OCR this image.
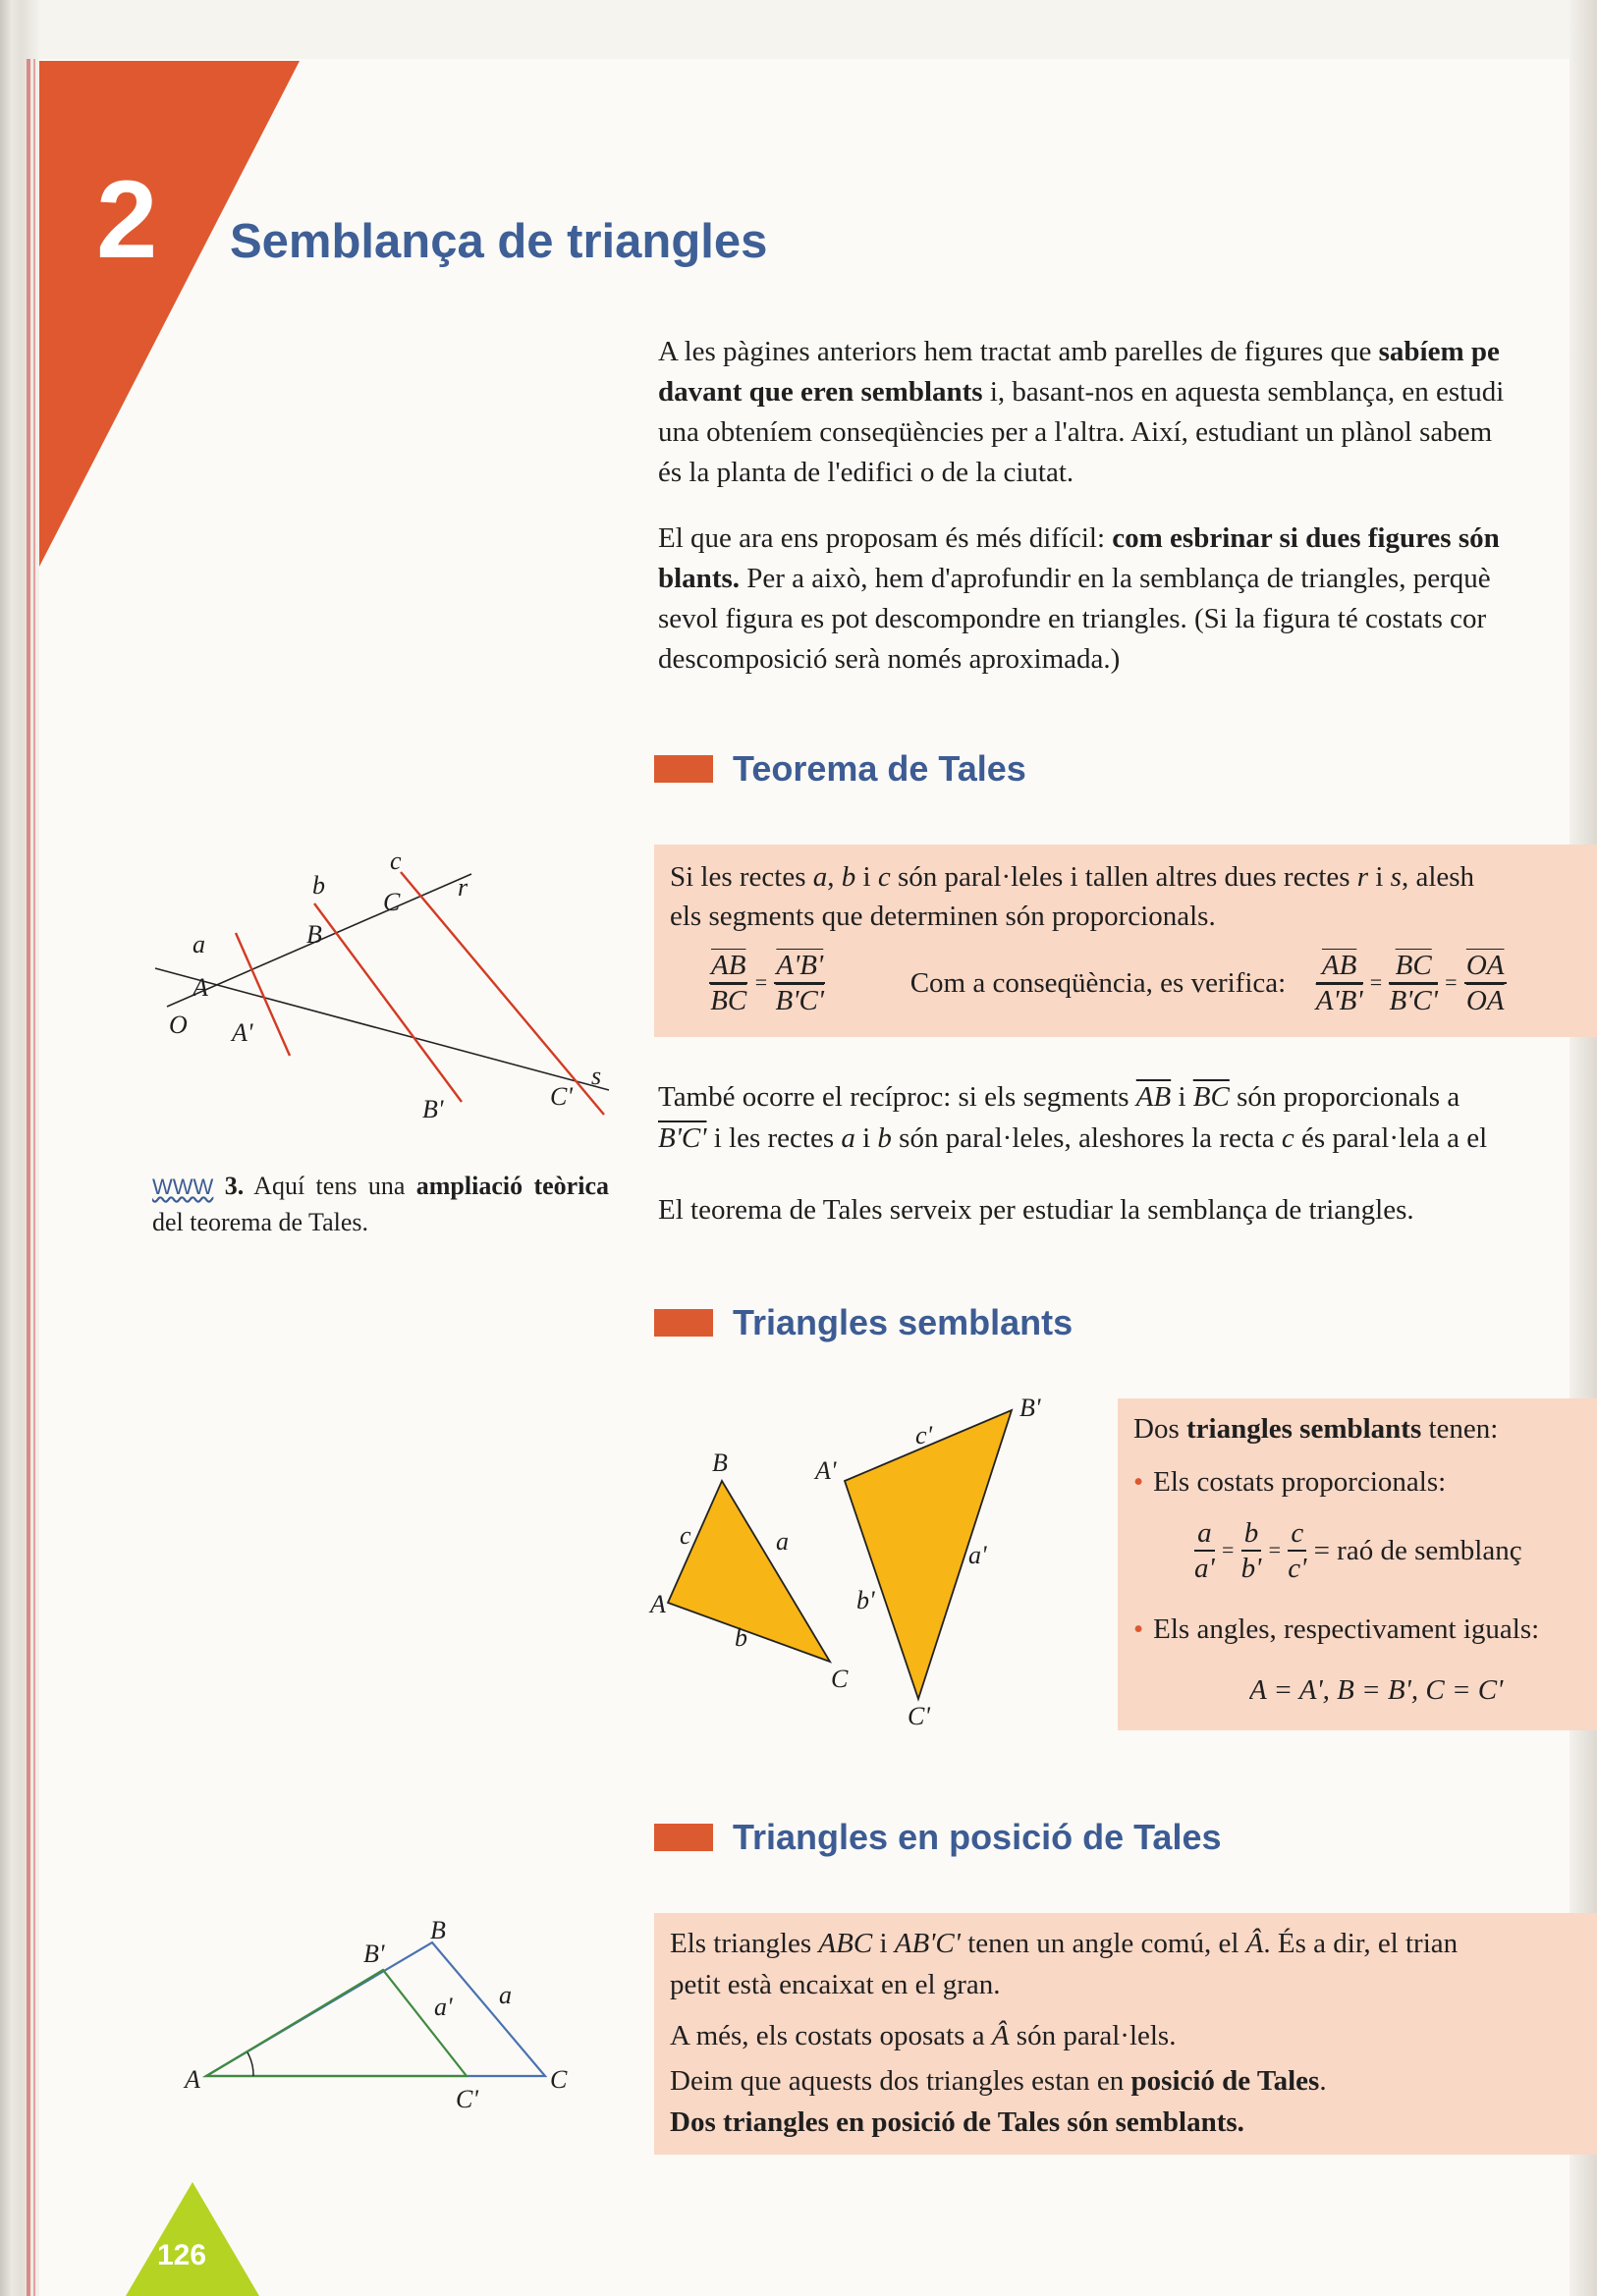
2 Semblança de triangles
A les pàgines anteriors hem tractat amb parelles de figures que sabíem pe
davant que eren semblants i, basant-nos en aquesta semblança, en estudi
una obteníem conseqüències per a l'altra. Així, estudiant un plànol sabem
és la planta de l'edifici o de la ciutat.
El que ara ens proposam és més difícil: com esbrinar si dues figures són
blants. Per a això, hem d'aprofundir en la semblança de triangles, perquè
sevol figura es pot descompondre en triangles. (Si la figura té costats cor
descomposició serà només aproximada.)
Teorema de Tales
Si les rectes a, b i c són paral·leles i tallen altres dues rectes r i s, alesh
els segments que determinen són proporcionals.
$\frac{\overline{AB}}{BC} = \frac{A'B'}{B'C'}$	Com a conseqüència, es verifica: $\frac{\overline{AB}}{A'B'} = \frac{\overline{BC}}{B'C'} = \frac{\overline{OA}}{OA}$
També ocorre el recíproc: si els segments $\overline{AB}$ i $\overline{BC}$ són proporcionals a
B'C' i les rectes a i b són paral·leles, aleshores la recta c és paral·lela a el
El teorema de Tales serveix per estudiar la semblança de triangles.
WWW 3. Aquí tens una ampliació teòrica del teorema de Tales.
c
b
C
r
a	B
A
O A'
B'	C'
s
Triangles semblants
B'
c'
B	A'
c	a	a'
A	b'
b
C
C'
Dos triangles semblants tenen:
• Els costats proporcionals:
$\frac{a}{a'} = \frac{b}{b'} = \frac{c}{c'}$ = raó de semblanç
• Els angles, respectivament iguals:
A = A', B = B', C = C'
Triangles en posició de Tales
Els triangles ABC i AB'C' tenen un angle comú, el Â. És a dir, el trian
petit està encaixat en el gran.
A més, els costats oposats a Â són paral·lels.
Deim que aquests dos triangles estan en posició de Tales.
Dos triangles en posició de Tales són semblants.
B
B'
a
a'
A
C'
C
126
